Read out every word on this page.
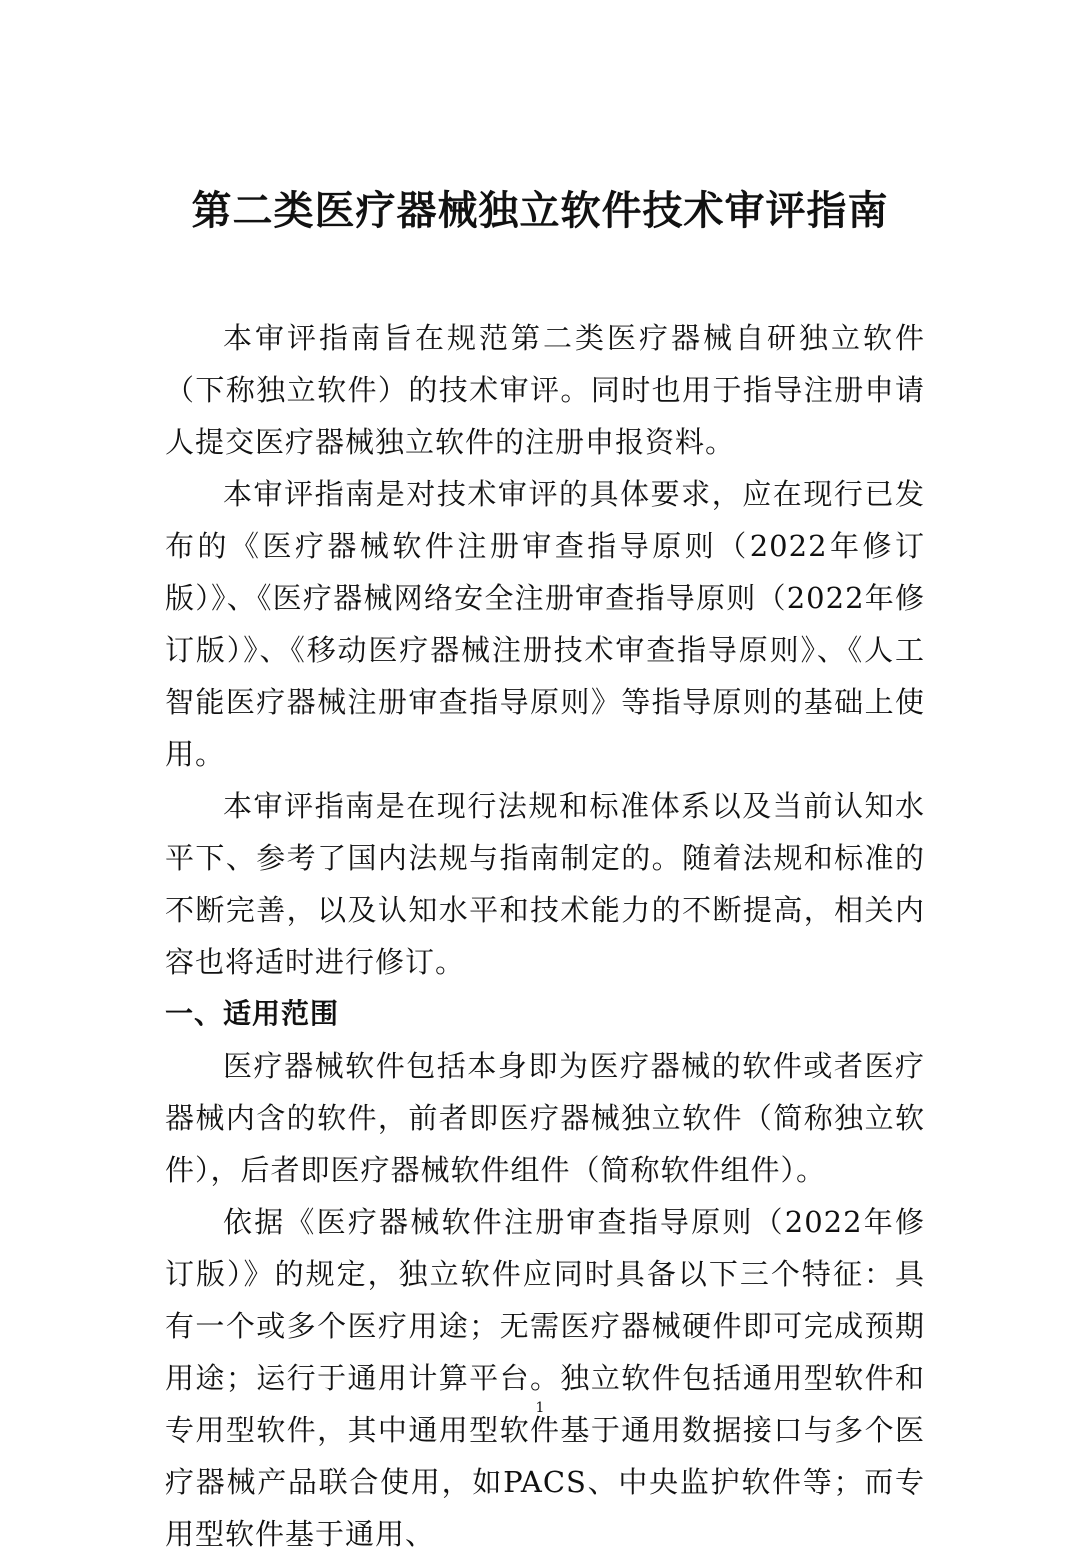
第二类医疗器械独立软件技术审评指南

本审评指南旨在规范第二类医疗器械自研独立软件（下称独立软件）的技术审评。同时也用于指导注册申请人提交医疗器械独立软件的注册申报资料。

本审评指南是对技术审评的具体要求，应在现行已发布的《医疗器械软件注册审查指导原则（2022年修订版）》、《医疗器械网络安全注册审查指导原则（2022年修订版）》、《移动医疗器械注册技术审查指导原则》、《人工智能医疗器械注册审查指导原则》等指导原则的基础上使用。

本审评指南是在现行法规和标准体系以及当前认知水平下、参考了国内法规与指南制定的。随着法规和标准的不断完善，以及认知水平和技术能力的不断提高，相关内容也将适时进行修订。

一、适用范围

医疗器械软件包括本身即为医疗器械的软件或者医疗器械内含的软件，前者即医疗器械独立软件（简称独立软件），后者即医疗器械软件组件（简称软件组件）。

依据《医疗器械软件注册审查指导原则（2022年修订版）》的规定，独立软件应同时具备以下三个特征：具有一个或多个医疗用途；无需医疗器械硬件即可完成预期用途；运行于通用计算平台。独立软件包括通用型软件和专用型软件，其中通用型软件基于通用数据接口与多个医疗器械产品联合使用，如PACS、中央监护软件等；而专用型软件基于通用、

1
